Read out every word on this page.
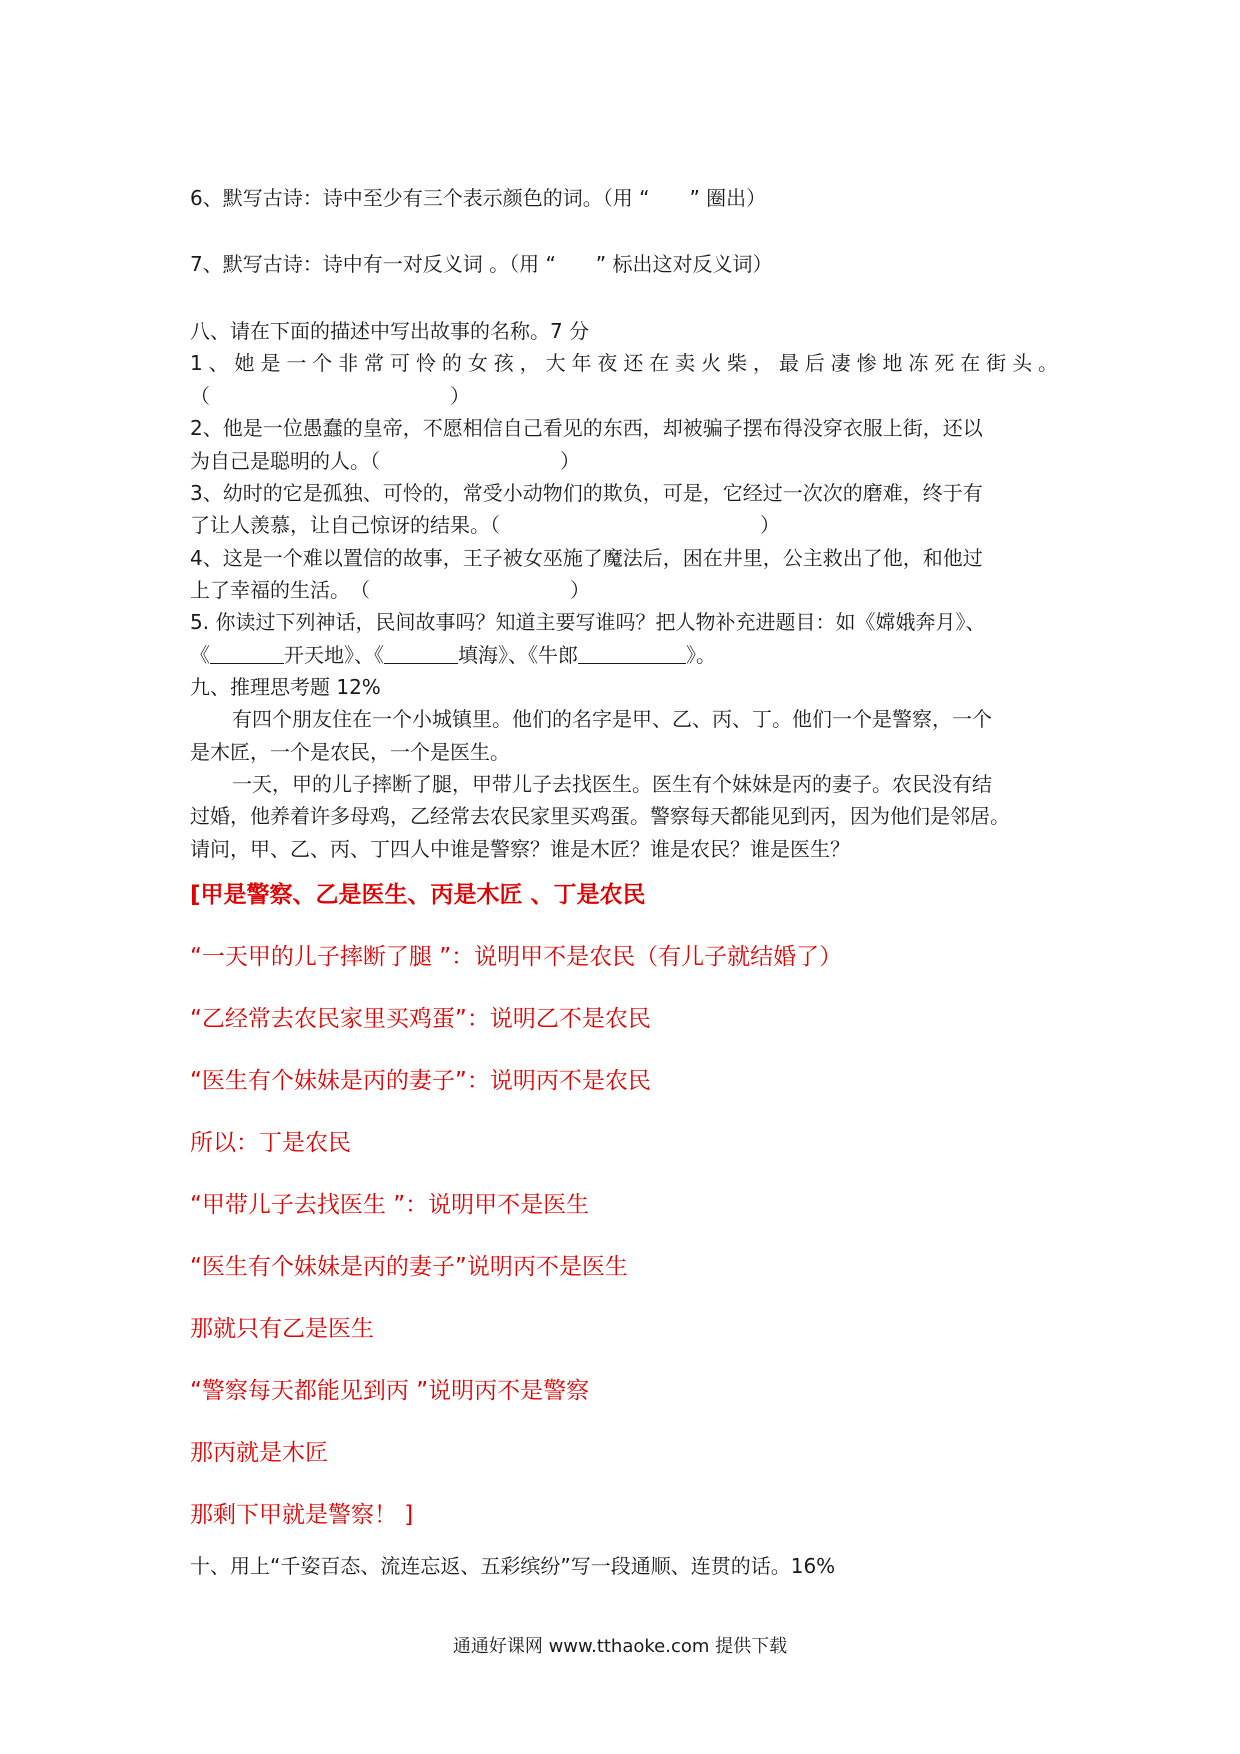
6、默写古诗：诗中至少有三个表示颜色的词。（用 “　　” 圈出）
7、默写古诗：诗中有一对反义词 。（用 “　　” 标出这对反义词）
八、请在下面的描述中写出故事的名称。7 分
1、她是一个非常可怜的女孩，大年夜还在卖火柴，最后凄惨地冻死在街头。
（　　　　　　　　　　　　）
2、他是一位愚蠢的皇帝，不愿相信自己看见的东西，却被骗子摆布得没穿衣服上街，还以
为自己是聪明的人。（　　　　　　　　　）
3、幼时的它是孤独、可怜的，常受小动物们的欺负，可是，它经过一次次的磨难，终于有
了让人羡慕，让自己惊讶的结果。（　　　　　　　　　　　　　）
4、这是一个难以置信的故事，王子被女巫施了魔法后，困在井里，公主救出了他，和他过
上了幸福的生活。　（　　　　　　　　　　）
5. 你读过下列神话，民间故事吗？知道主要写谁吗？把人物补充进题目：如《嫦娥奔月》、
《	开天地》、《	填海》、《牛郎	》。
九、推理思考题 12%
有四个朋友住在一个小城镇里。他们的名字是甲、乙、丙、丁。他们一个是警察，一个
是木匠，一个是农民，一个是医生。
一天，甲的儿子摔断了腿，甲带儿子去找医生。医生有个妹妹是丙的妻子。农民没有结
过婚，他养着许多母鸡，乙经常去农民家里买鸡蛋。警察每天都能见到丙，因为他们是邻居。
请问，甲、乙、丙、丁四人中谁是警察？谁是木匠？谁是农民？谁是医生？
[甲是警察、乙是医生、丙是木匠 、丁是农民
“一天甲的儿子摔断了腿 ”：说明甲不是农民（有儿子就结婚了）
“乙经常去农民家里买鸡蛋”：说明乙不是农民
“医生有个妹妹是丙的妻子”：说明丙不是农民
所以：丁是农民
“甲带儿子去找医生 ”：说明甲不是医生
“医生有个妹妹是丙的妻子”说明丙不是医生
那就只有乙是医生
“警察每天都能见到丙 ”说明丙不是警察
那丙就是木匠
那剩下甲就是警察！ ]
十、用上“千姿百态、流连忘返、五彩缤纷”写一段通顺、连贯的话。16%
通通好课网 www.tthaoke.com 提供下载
